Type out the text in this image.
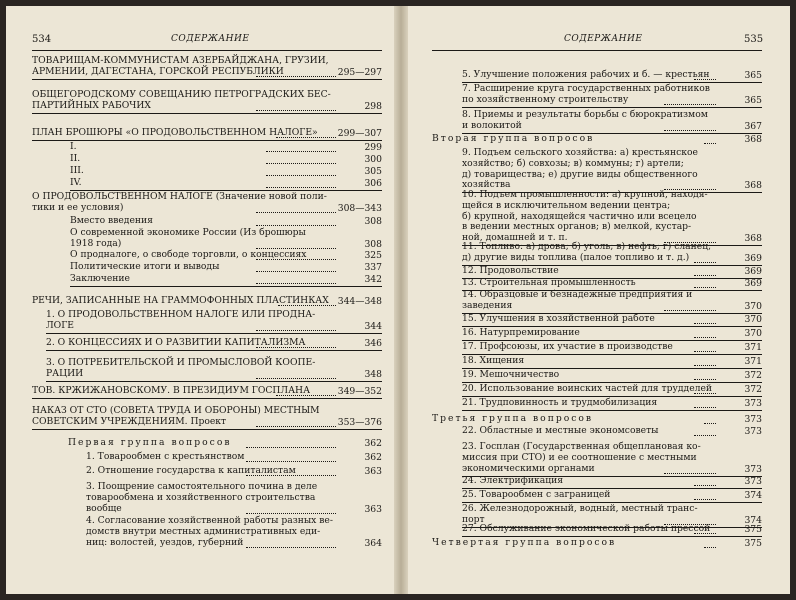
534	СОДЕРЖАНИЕ
ТОВАРИЩАМ-КОММУНИСТАМ АЗЕРБАЙДЖАНА, ГРУЗИИ,
АРМЕНИИ, ДАГЕСТАНА, ГОРСКОЙ РЕСПУБЛИКИ	295—297
ОБЩЕГОРОДСКОМУ СОВЕЩАНИЮ ПЕТРОГРАДСКИХ БЕС-
ПАРТИЙНЫХ РАБОЧИХ	298
ПЛАН БРОШЮРЫ «О ПРОДОВОЛЬСТВЕННОМ НАЛОГЕ» 299—307
I.	299
II.	300
III.	305
IV.	306
О ПРОДОВОЛЬСТВЕННОМ НАЛОГЕ (Значение новой поли-
тики и ее условия)	308—343
Вместо введения	308
О современной экономике России (Из брошюры
1918 года)	308
О продналоге, о свободе торговли, о концессиях	325
Политические итоги и выводы	337
Заключение	342
РЕЧИ, ЗАПИСАННЫЕ НА ГРАММОФОННЫХ ПЛАСТИНКАХ 344—348
1. О ПРОДОВОЛЬСТВЕННОМ НАЛОГЕ ИЛИ ПРОДНА-
ЛОГЕ	344
2. О КОНЦЕССИЯХ И О РАЗВИТИИ КАПИТАЛИЗМА	346
3. О ПОТРЕБИТЕЛЬСКОЙ И ПРОМЫСЛОВОЙ КООПЕ-
РАЦИИ	348
ТОВ. КРЖИЖАНОВСКОМУ. В ПРЕЗИДИУМ ГОСПЛАНА	349—352
НАКАЗ ОТ СТО (СОВЕТА ТРУДА И ОБОРОНЫ) МЕСТНЫМ
СОВЕТСКИМ УЧРЕЖДЕНИЯМ. Проект	353—376
Первая группа вопросов	362
1. Товарообмен с крестьянством	362
2. Отношение государства к капиталистам	363
3. Поощрение самостоятельного почина в деле
товарообмена и хозяйственного строительства
вообще	363
4. Согласование хозяйственной работы разных ве-
домств внутри местных административных еди-
ниц: волостей, уездов, губерний	364
СОДЕРЖАНИЕ	535
5. Улучшение положения рабочих и б. — крестьян	365
7. Расширение круга государственных работников
по хозяйственному строительству	365
8. Приемы и результаты борьбы с бюрократизмом
и волокитой	367
Вторая группа вопросов	368
9. Подъем сельского хозяйства: а) крестьянское
хозяйство; б) совхозы; в) коммуны; г) артели;
д) товарищества; е) другие виды общественного
хозяйства	368
10. Подъем промышленности: а) крупной, находя-
щейся в исключительном ведении центра;
б) крупной, находящейся частично или всецело
в ведении местных органов; в) мелкой, кустар-
ной, домашней и т. п.	368
11. Топливо: а) дрова; б) уголь; в) нефть; г) сланец;
д) другие виды топлива (палое топливо и т. д.)	369
12. Продовольствие	369
13. Строительная промышленность	369
14. Образцовые и безнадежные предприятия и
заведения	370
15. Улучшения в хозяйственной работе	370
16. Натурпремирование	370
17. Профсоюзы, их участие в производстве	371
18. Хищения	371
19. Мешочничество	372
20. Использование воинских частей для трудделей	372
21. Трудповинность и трудмобилизация	373
Третья группа вопросов	373
22. Областные и местные экономсоветы	373
23. Госплан (Государственная общеплановая ко-
миссия при СТО) и ее соотношение с местными
экономическими органами	373
24. Электрификация	373
25. Товарообмен с заграницей	374
26. Железнодорожный, водный, местный транс-
порт	374
27. Обслуживание экономической работы прессой	375
Четвертая группа вопросов	375
